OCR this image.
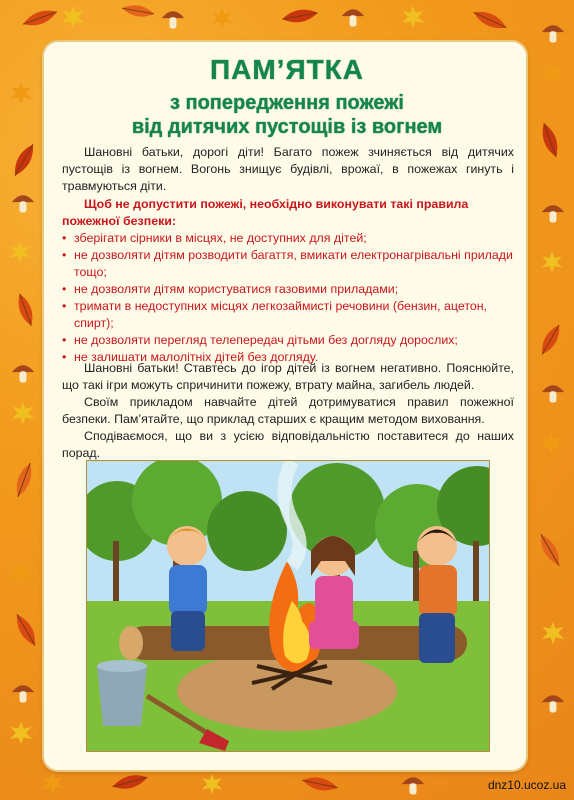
ПАМ’ЯТКА
з попередження пожежі
від дитячих пустощів із вогнем
Шановні батьки, дорогі діти! Багато пожеж зчиняється від дитячих пустощів із вогнем. Вогонь знищує будівлі, врожаї, в пожежах гинуть і травмуються діти.
Щоб не допустити пожежі, необхідно виконувати такі правила пожежної безпеки:
• зберігати сірники в місцях, не доступних для дітей;
• не дозволяти дітям розводити багаття, вмикати електронагрівальні прилади тощо;
• не дозволяти дітям користуватися газовими приладами;
• тримати в недоступних місцях легкозаймисті речовини (бензин, ацетон, спирт);
• не дозволяти перегляд телепередач дітьми без догляду дорослих;
• не залишати малолітніх дітей без догляду.
Шановні батьки! Ставтесь до ігор дітей із вогнем негативно. Пояснюйте, що такі ігри можуть спричинити пожежу, втрату майна, загибель людей.
Своїм прикладом навчайте дітей дотримуватися правил пожежної безпеки. Пам’ятайте, що приклад старших є кращим методом виховання.
Сподіваємося, що ви з усією відповідальністю поставитеся до наших порад.
dnz10.ucoz.ua
